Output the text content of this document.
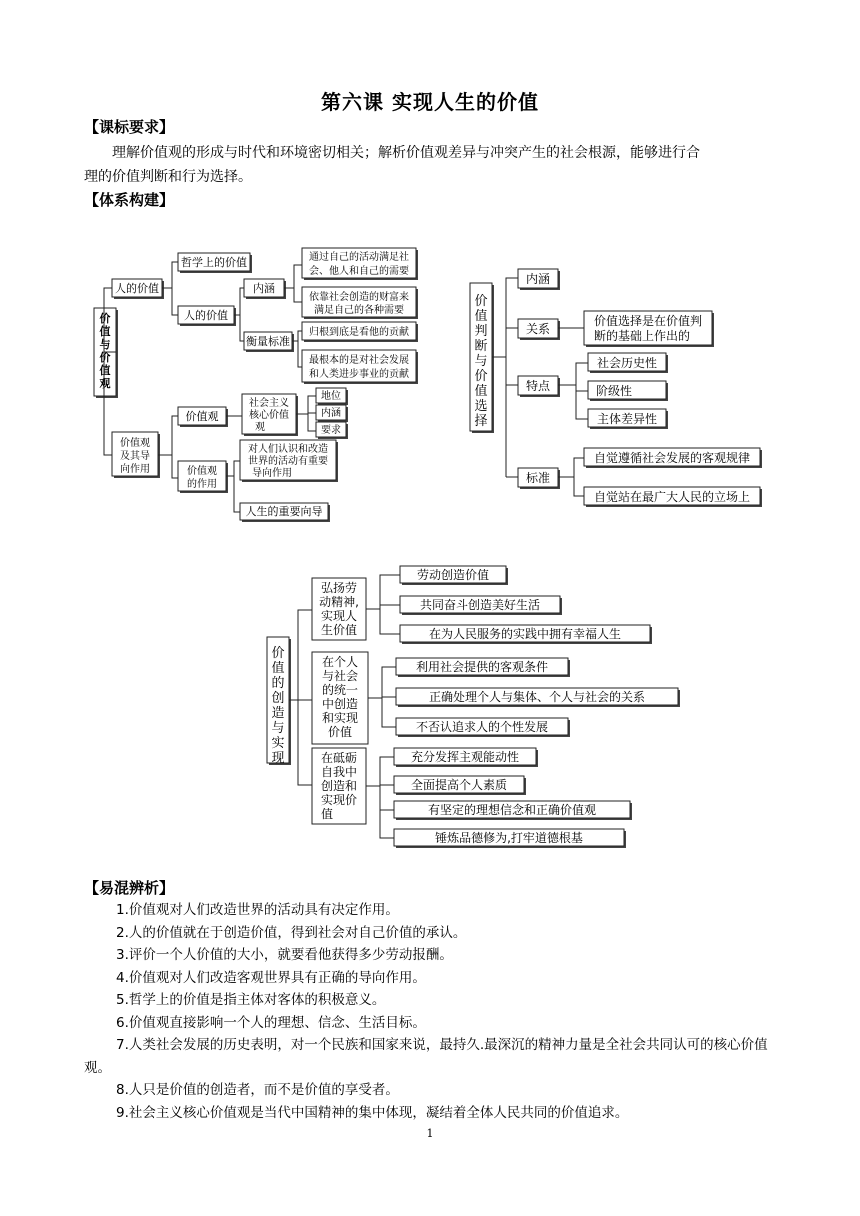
第六课 实现人生的价值
【课标要求】
理解价值观的形成与时代和环境密切相关；解析价值观差异与冲突产生的社会根源，能够进行合
理的价值判断和行为选择。
【体系构建】
价
值
与
价
值
观
人的价值
哲学上的价值
人的价值
内涵
通过自己的活动满足社
会、他人和自己的需要
依靠社会创造的财富来
满足自己的各种需要
衡量标准
归根到底是看他的贡献
最根本的是对社会发展
和人类进步事业的贡献
价值观
及其导
向作用
价值观
社会主义
核心价值
观
地位
内涵
要求
价值观
的作用
对人们认识和改造
世界的活动有重要
导向作用
人生的重要向导
价
值
判
断
与
价
值
选
择
内涵
关系
价值选择是在价值判
断的基础上作出的
特点
社会历史性
阶级性
主体差异性
标准
自觉遵循社会发展的客观规律
自觉站在最广大人民的立场上
价
值
的
创
造
与
实
现
弘扬劳
动精神,
实现人
生价值
劳动创造价值
共同奋斗创造美好生活
在为人民服务的实践中拥有幸福人生
在个人
与社会
的统一
中创造
和实现
价值
利用社会提供的客观条件
正确处理个人与集体、个人与社会的关系
不否认追求人的个性发展
在砥砺
自我中
创造和
实现价
值
充分发挥主观能动性
全面提高个人素质
有坚定的理想信念和正确价值观
锤炼品德修为,打牢道德根基
【易混辨析】
1.价值观对人们改造世界的活动具有决定作用。
2.人的价值就在于创造价值，得到社会对自己价值的承认。
3.评价一个人价值的大小，就要看他获得多少劳动报酬。
4.价值观对人们改造客观世界具有正确的导向作用。
5.哲学上的价值是指主体对客体的积极意义。
6.价值观直接影响一个人的理想、信念、生活目标。
7.人类社会发展的历史表明，对一个民族和国家来说，最持久.最深沉的精神力量是全社会共同认可的核心价值观。
8.人只是价值的创造者，而不是价值的享受者。
9.社会主义核心价值观是当代中国精神的集中体现，凝结着全体人民共同的价值追求。
1
